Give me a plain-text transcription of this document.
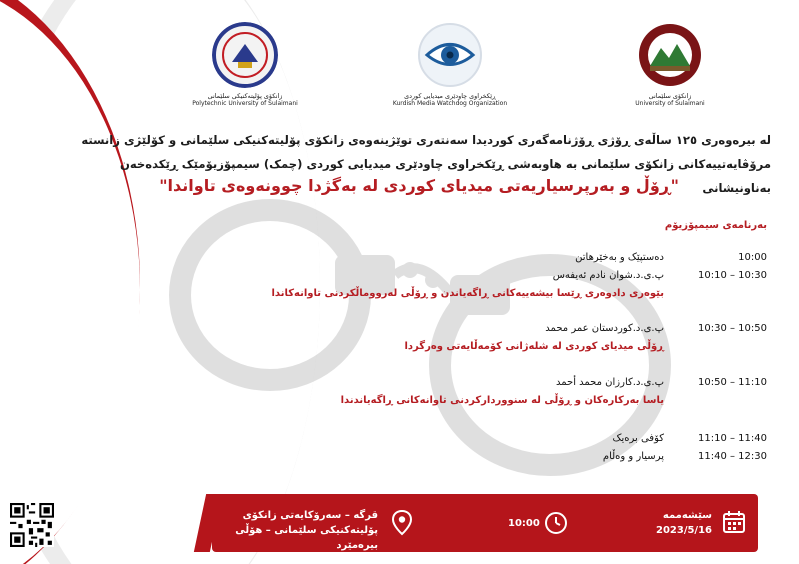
زانکۆی پۆلیتەکنیکی سلێمانی
Polytechnic University of Sulaimani
ڕێکخراوی چاودێری میدیایی کوردی
Kurdish Media Watchdog Organization
زانکۆی سلێمانی
University of Sulaimani
لە بیرەوەری ١٢٥ ساڵەی ڕۆژی ڕۆژنامەگەری کوردیدا سەنتەری توێژینەوەی زانکۆی پۆلیتەکنیکی سلێمانی و کۆلێژی زانستە
مرۆڤایەتییەکانی زانکۆی سلێمانی بە هاوبەشی ڕێکخراوی چاودێری میدیایی کوردی (چمک) سیمپۆزیۆمێک ڕێکدەخەن بەناونیشانی
"ڕۆڵ و بەرپرسیاریەتی میدیای کوردی لە بەگژدا چوونەوەی تاواندا"
بەرنامەی سیمپۆزیۆم
10:00
دەستپێک و بەخێرهاتن
10:10 – 10:30
پ.ی.د.شوان نادم ئەیفەس
بێوەری دادوەری ڕێسا بیشەییەکانی ڕاگەیاندن و ڕۆڵی لەرووماڵکردنی تاوانەکاندا
10:30 – 10:50
پ.ی.د.کوردستان عمر محمد
ڕۆڵی میدیای کوردی لە شلەژانی کۆمەڵایەتی وەرگردا
10:50 – 11:10
پ.ی.د.کارزان محمد أحمد
یاسا بەرکارەکان و ڕۆڵی لە سنووردارکردنی تاوانەکانی ڕاگەیاندندا
11:10 – 11:40
کۆفی برەیک
11:40 – 12:30
پرسیار و وەڵام
سێشەممە
2023/5/16
10:00
قرگە – سەرۆکایەتی زانکۆی
پۆلیتەکنیکی سلێمانی – هۆڵی بیرەمێرد
